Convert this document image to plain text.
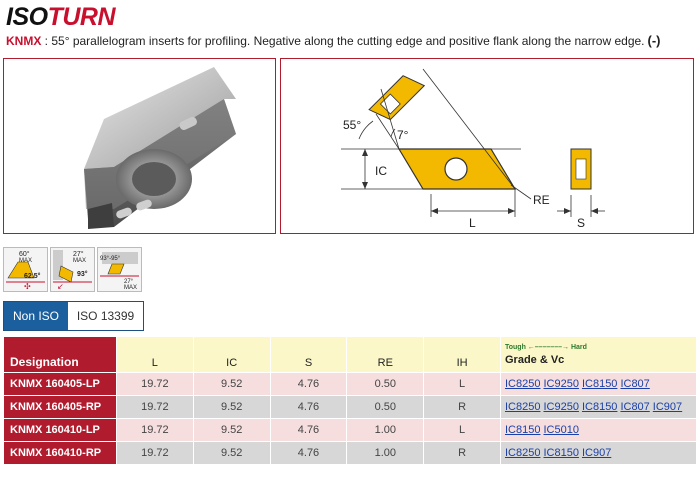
ISO TURN
KNMX : 55° parallelogram inserts for profiling. Negative along the cutting edge and positive flank along the narrow edge. (-)
55°
7°
IC
RE
L	S
60°
MAX
62.5°
✣
27°
MAX
93°
↙
93°-95°
27°
MAX
Non ISO	ISO 13399
Designation	L	IC	S	RE	IH	Tough ←–––––––→ Hard
Grade & Vc

KNMX 160405-LP	19.72	9.52	4.76	0.50	L	IC8250 IC9250 IC8150 IC807
KNMX 160405-RP	19.72	9.52	4.76	0.50	R	IC8250 IC9250 IC8150 IC807 IC907
KNMX 160410-LP	19.72	9.52	4.76	1.00	L	IC8150 IC5010
KNMX 160410-RP	19.72	9.52	4.76	1.00	R	IC8250 IC8150 IC907
